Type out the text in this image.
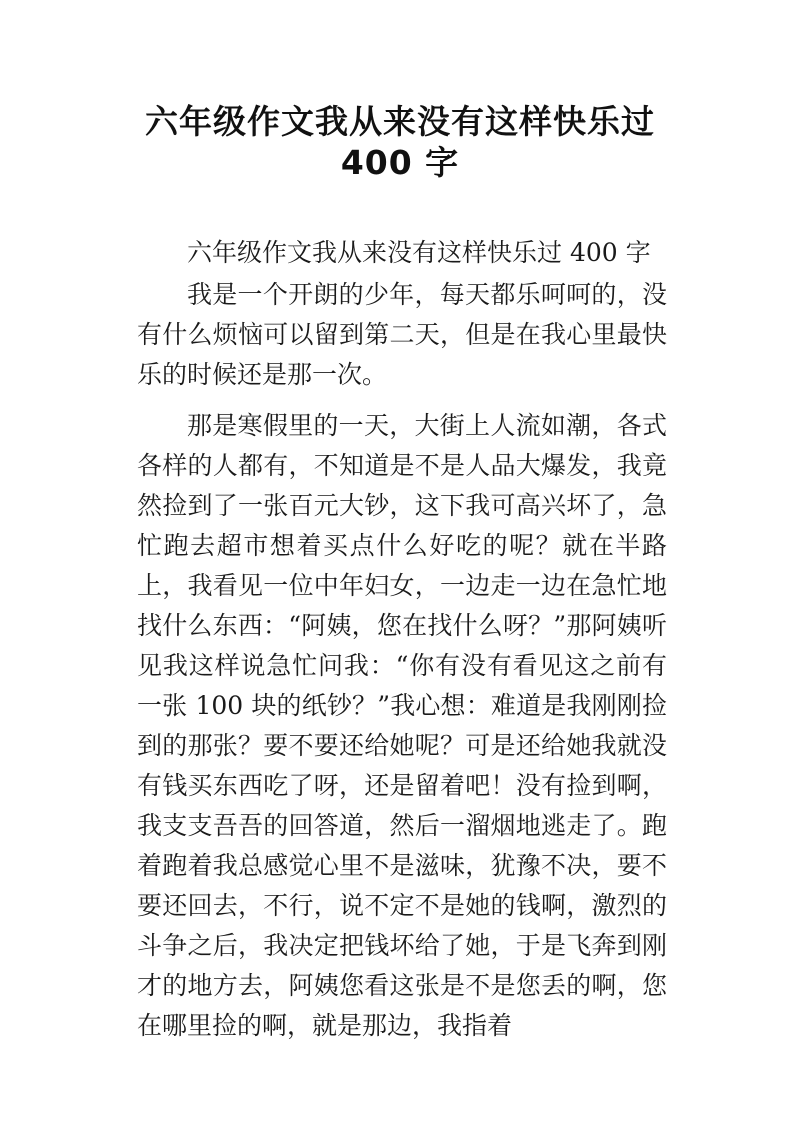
六年级作文我从来没有这样快乐过
400 字

六年级作文我从来没有这样快乐过 400 字

我是一个开朗的少年，每天都乐呵呵的，没有什么烦恼可以留到第二天，但是在我心里最快乐的时候还是那一次。

那是寒假里的一天，大街上人流如潮，各式各样的人都有，不知道是不是人品大爆发，我竟然捡到了一张百元大钞，这下我可高兴坏了，急忙跑去超市想着买点什么好吃的呢？就在半路上，我看见一位中年妇女，一边走一边在急忙地找什么东西：“阿姨，您在找什么呀？”那阿姨听见我这样说急忙问我：“你有没有看见这之前有一张 100 块的纸钞？”我心想：难道是我刚刚捡到的那张？要不要还给她呢？可是还给她我就没有钱买东西吃了呀，还是留着吧！没有捡到啊，我支支吾吾的回答道，然后一溜烟地逃走了。跑着跑着我总感觉心里不是滋味，犹豫不决，要不要还回去，不行，说不定不是她的钱啊，激烈的斗争之后，我决定把钱坏给了她，于是飞奔到刚才的地方去，阿姨您看这张是不是您丢的啊，您在哪里捡的啊，就是那边，我指着
